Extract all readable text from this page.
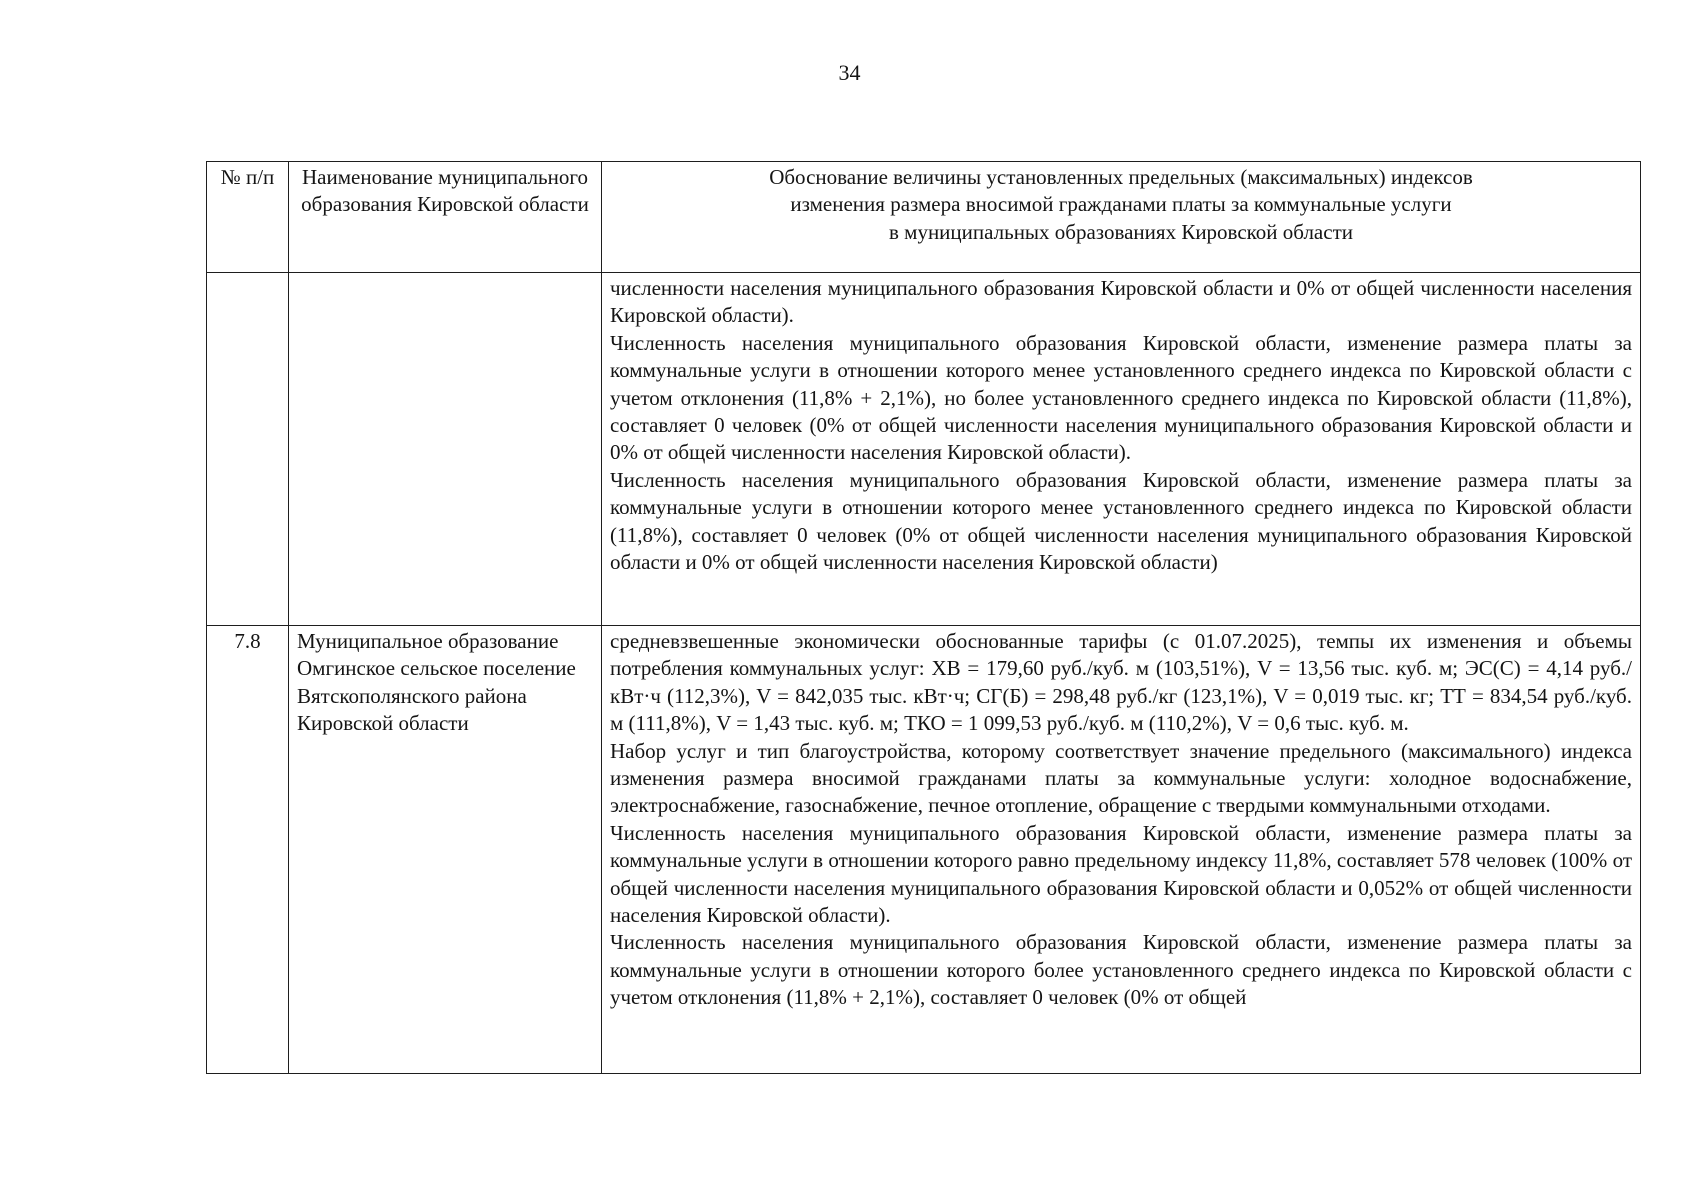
34
№ п/п	Наименование муниципального образования Кировской области	Обоснование величины установленных предельных (максимальных) индексов
изменения размера вносимой гражданами платы за коммунальные услуги
в муниципальных образованиях Кировской области

		численности населения муниципального образования Кировской области и 0% от общей численности населения Кировской области).

Численность населения муниципального образования Кировской области, изменение размера платы за коммунальные услуги в отношении которого менее установленного среднего индекса по Кировской области с учетом отклонения (11,8% + 2,1%), но более установленного среднего индекса по Кировской области (11,8%), составляет 0 человек (0% от общей численности населения муниципального образования Кировской области и 0% от общей численности населения Кировской области).

Численность населения муниципального образования Кировской области, изменение размера платы за коммунальные услуги в отношении которого менее установленного среднего индекса по Кировской области (11,8%), составляет 0 человек (0% от общей численности населения муниципального образования Кировской области и 0% от общей численности населения Кировской области)

7.8	Муниципальное образование Омгинское сельское поселение Вятскополянского района Кировской области	средневзвешенные экономически обоснованные тарифы (с 01.07.2025), темпы их изменения и объемы потребления коммунальных услуг: ХВ = 179,60 руб./куб. м (103,51%), V = 13,56 тыс. куб. м; ЭС(С) = 4,14 руб./кВт·ч (112,3%), V = 842,035 тыс. кВт·ч; СГ(Б) = 298,48 руб./кг (123,1%), V = 0,019 тыс. кг; ТТ = 834,54 руб./куб. м (111,8%), V = 1,43 тыс. куб. м; ТКО = 1 099,53 руб./куб. м (110,2%), V = 0,6 тыс. куб. м.

Набор услуг и тип благоустройства, которому соответствует значение предельного (максимального) индекса изменения размера вносимой гражданами платы за коммунальные услуги: холодное водоснабжение, электроснабжение, газоснабжение, печное отопление, обращение с твердыми коммунальными отходами.

Численность населения муниципального образования Кировской области, изменение размера платы за коммунальные услуги в отношении которого равно предельному индексу 11,8%, составляет 578 человек (100% от общей численности населения муниципального образования Кировской области и 0,052% от общей численности населения Кировской области).

Численность населения муниципального образования Кировской области, изменение размера платы за коммунальные услуги в отношении которого более установленного среднего индекса по Кировской области с учетом отклонения (11,8% + 2,1%), составляет 0 человек (0% от общей
